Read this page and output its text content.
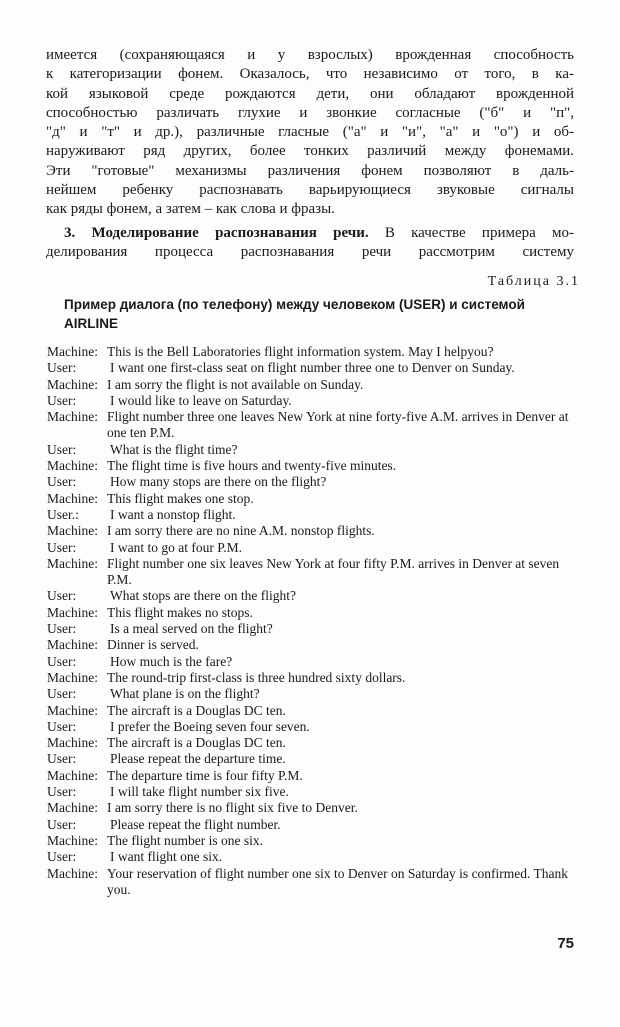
имеется (сохраняющаяся и у взрослых) врожденная способность
к категоризации фонем. Оказалось, что независимо от того, в ка-
кой языковой среде рождаются дети, они обладают врожденной
способностью различать глухие и звонкие согласные ("б" и "п",
"д" и "т" и др.), различные гласные ("а" и "и", "а" и "о") и об-
наруживают ряд других, более тонких различий между фонемами.
Эти "готовые" механизмы различения фонем позволяют в даль-
нейшем ребенку распознавать варьирующиеся звуковые сигналы
как ряды фонем, а затем – как слова и фразы.
3. Моделирование распознавания речи. В качестве примера мо-
делирования процесса распознавания речи рассмотрим систему
Таблица 3.1
Пример диалога (по телефону) между человеком (USER) и системой AIRLINE
Machine: This is the Bell Laboratories flight information system. May I helpyou?
User:	I want one first-class seat on flight number three one to Denver on Sunday.
Machine: I am sorry the flight is not available on Sunday.
User:	I would like to leave on Saturday.
Machine: Flight number three one leaves New York at nine forty-five A.M. arrives in Denver at one ten P.M.
User:	What is the flight time?
Machine: The flight time is five hours and twenty-five minutes.
User:	How many stops are there on the flight?
Machine: This flight makes one stop.
User.:	I want a nonstop flight.
Machine: I am sorry there are no nine A.M. nonstop flights.
User:	I want to go at four P.M.
Machine: Flight number one six leaves New York at four fifty P.M. arrives in Denver at seven P.M.
User:	What stops are there on the flight?
Machine: This flight makes no stops.
User:	Is a meal served on the flight?
Machine: Dinner is served.
User:	How much is the fare?
Machine: The round-trip first-class is three hundred sixty dollars.
User:	What plane is on the flight?
Machine: The aircraft is a Douglas DC ten.
User:	I prefer the Boeing seven four seven.
Machine: The aircraft is a Douglas DC ten.
User:	Please repeat the departure time.
Machine: The departure time is four fifty P.M.
User:	I will take flight number six five.
Machine: I am sorry there is no flight six five to Denver.
User:	Please repeat the flight number.
Machine: The flight number is one six.
User:	I want flight one six.
Machine: Your reservation of flight number one six to Denver on Saturday is confirmed. Thank you.
75
